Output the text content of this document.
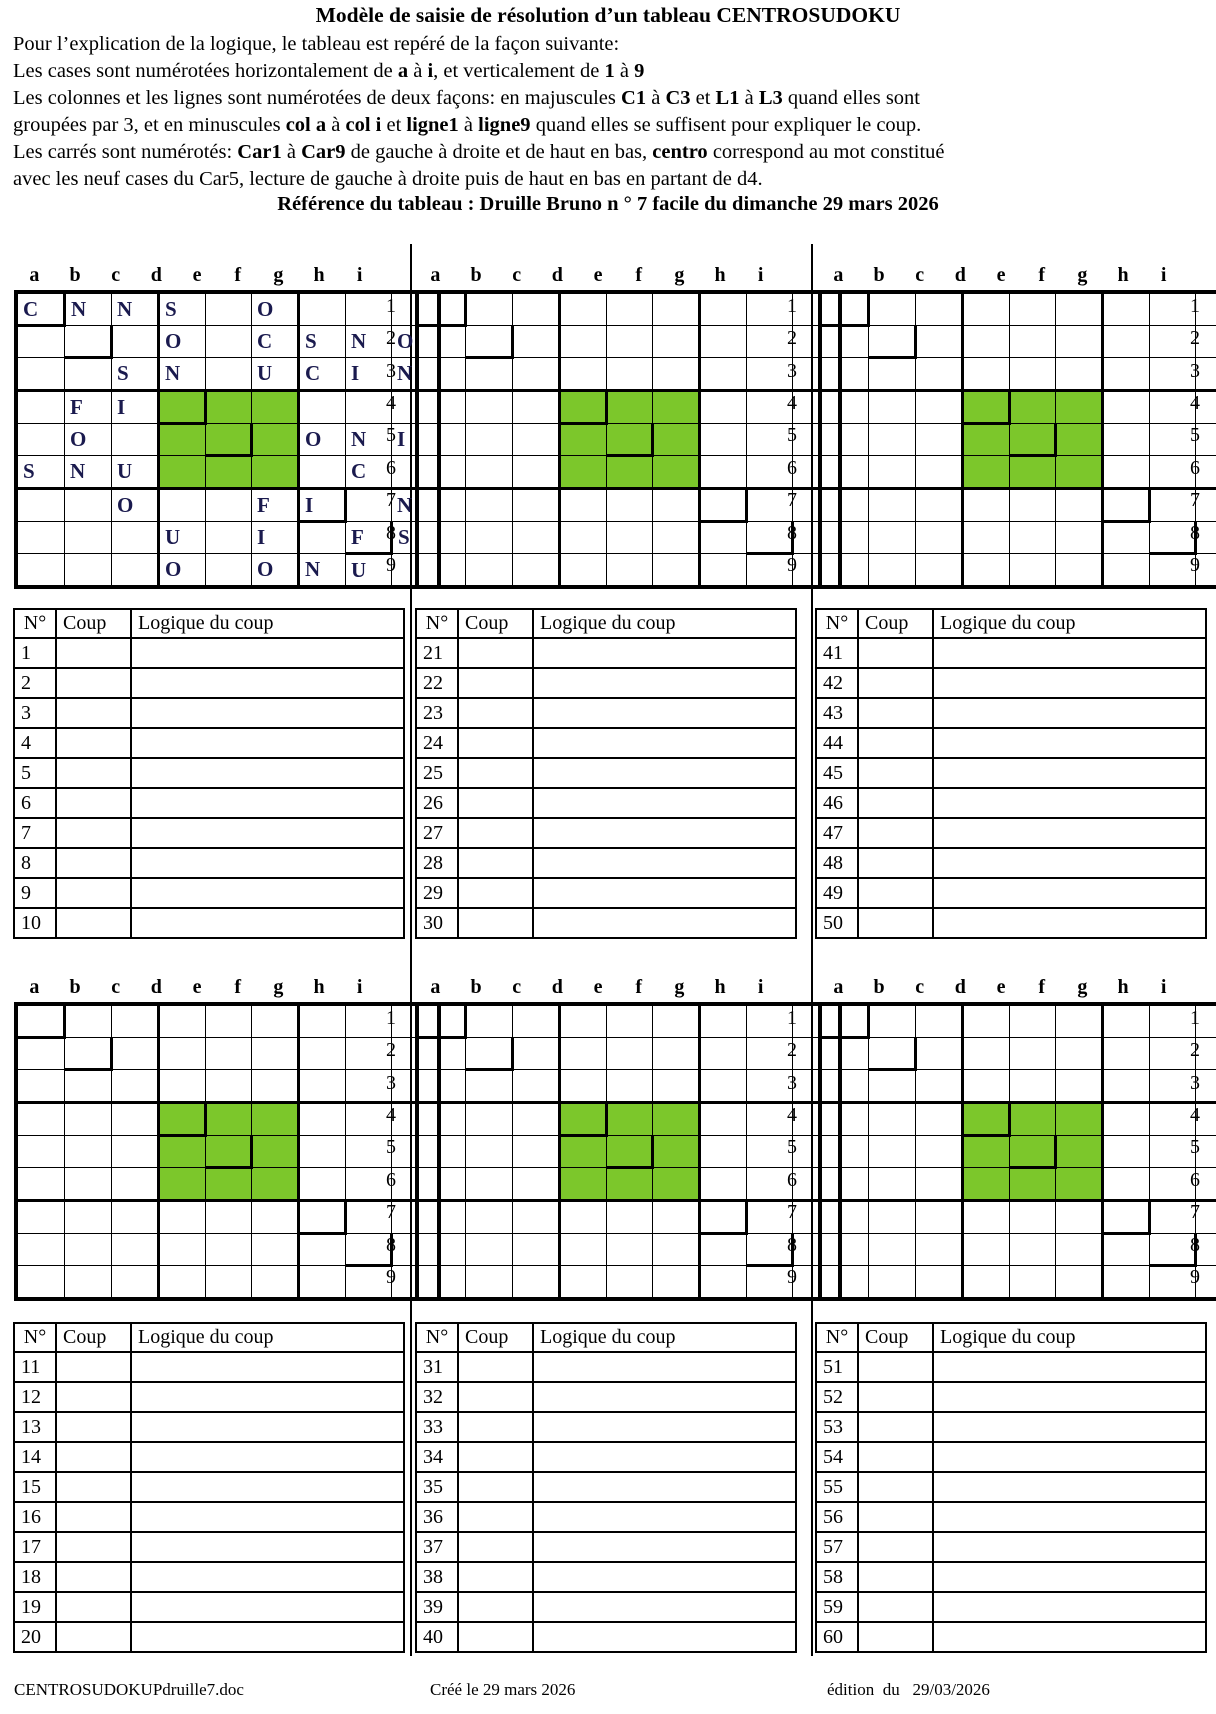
Modèle de saisie de résolution d’un tableau CENTROSUDOKU
Pour l’explication de la logique, le tableau est repéré de la façon suivante:
Les cases sont numérotées horizontalement de a à i, et verticalement de 1 à 9
Les colonnes et les lignes sont numérotées de deux façons: en majuscules C1 à C3 et L1 à L3 quand elles sont
groupées par 3, et en minuscules col a à col i et ligne1 à ligne9 quand elles se suffisent pour expliquer le coup.
Les carrés sont numérotés: Car1 à Car9 de gauche à droite et de haut en bas, centro correspond au mot constitué
avec les neuf cases du Car5, lecture de gauche à droite puis de haut en bas en partant de d4.
Référence du tableau : Druille Bruno n ° 7 facile du dimanche 29 mars 2026
a	b	c	d	e	f	g	h	i
C	N	N	S		O			
			O		C	S	N	O
		S	N		U	C	I	N
	F	I						
	O					O	N	I
S	N	U					C	
		O			F	I		N
			U		I		F	S
			O		O	N	U	
1
2
3
4
5
6
7
8
9
N°	Coup	Logique du coup
1		
2		
3		
4		
5		
6		
7		
8		
9		
10		
a	b	c	d	e	f	g	h	i

1
2
3
4
5
6
7
8
9
N°	Coup	Logique du coup
21		
22		
23		
24		
25		
26		
27		
28		
29		
30		
a	b	c	d	e	f	g	h	i

1
2
3
4
5
6
7
8
9
N°	Coup	Logique du coup
41		
42		
43		
44		
45		
46		
47		
48		
49		
50		
a	b	c	d	e	f	g	h	i

1
2
3
4
5
6
7
8
9
N°	Coup	Logique du coup
11		
12		
13		
14		
15		
16		
17		
18		
19		
20		
a	b	c	d	e	f	g	h	i

1
2
3
4
5
6
7
8
9
N°	Coup	Logique du coup
31		
32		
33		
34		
35		
36		
37		
38		
39		
40		
a	b	c	d	e	f	g	h	i

1
2
3
4
5
6
7
8
9
N°	Coup	Logique du coup
51		
52		
53		
54		
55		
56		
57		
58		
59		
60		
CENTROSUDOKUPdruille7.doc	Créé le 29 mars 2026	édition  du   29/03/2026
